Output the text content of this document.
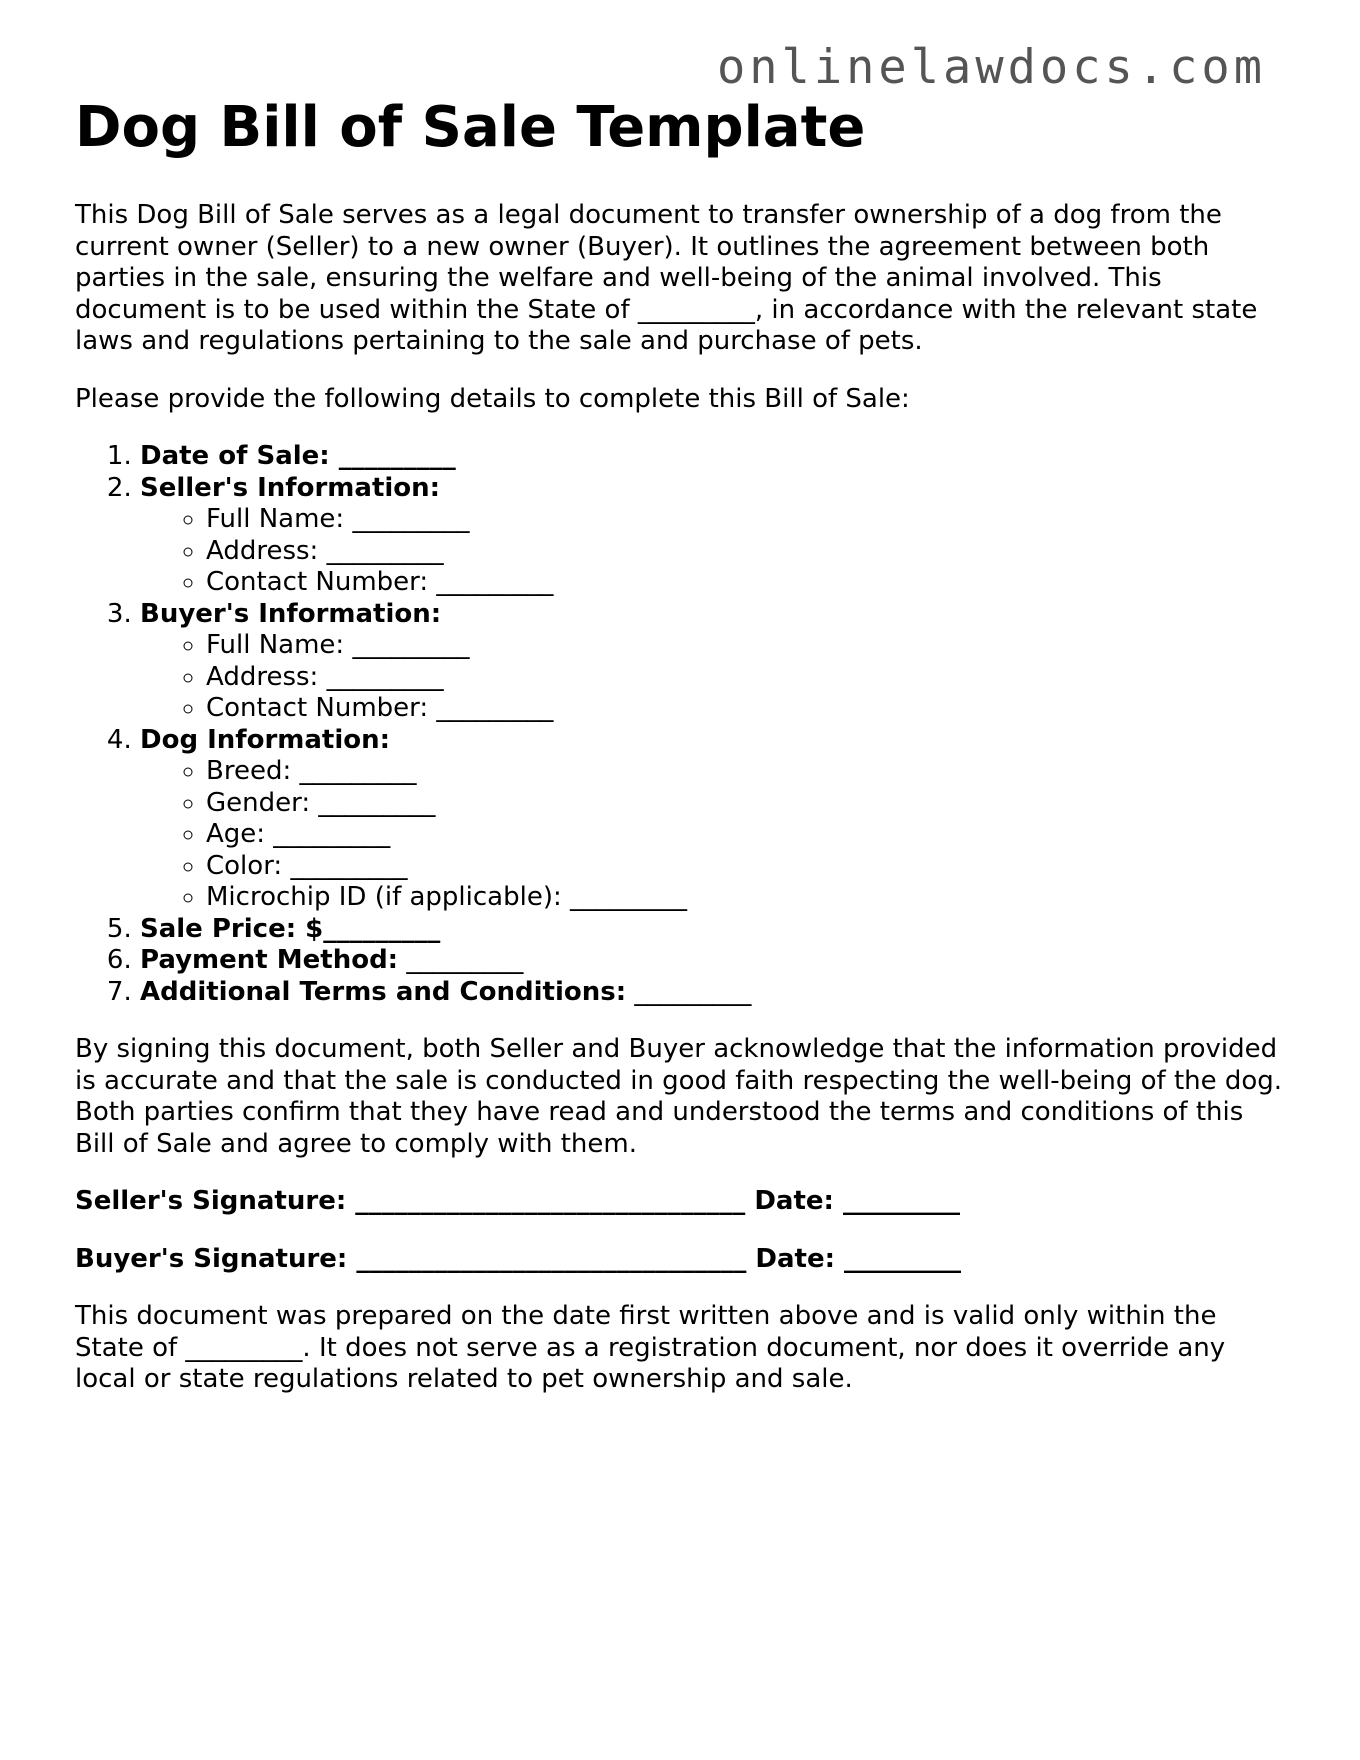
onlinelawdocs.com
Dog Bill of Sale Template

This Dog Bill of Sale serves as a legal document to transfer ownership of a dog from the current owner (Seller) to a new owner (Buyer). It outlines the agreement between both parties in the sale, ensuring the welfare and well-being of the animal involved. This document is to be used within the State of _________, in accordance with the relevant state laws and regulations pertaining to the sale and purchase of pets.

Please provide the following details to complete this Bill of Sale:

1. Date of Sale: _________
2. Seller's Information:
◦ Full Name: _________
◦ Address: _________
◦ Contact Number: _________
3. Buyer's Information:
◦ Full Name: _________
◦ Address: _________
◦ Contact Number: _________
4. Dog Information:
◦ Breed: _________
◦ Gender: _________
◦ Age: _________
◦ Color: _________
◦ Microchip ID (if applicable): _________
5. Sale Price: $_________
6. Payment Method: _________
7. Additional Terms and Conditions: _________

By signing this document, both Seller and Buyer acknowledge that the information provided is accurate and that the sale is conducted in good faith respecting the well-being of the dog. Both parties confirm that they have read and understood the terms and conditions of this Bill of Sale and agree to comply with them.

Seller's Signature: ______________________________ Date: _________
Buyer's Signature: ______________________________ Date: _________

This document was prepared on the date first written above and is valid only within the State of _________. It does not serve as a registration document, nor does it override any local or state regulations related to pet ownership and sale.
